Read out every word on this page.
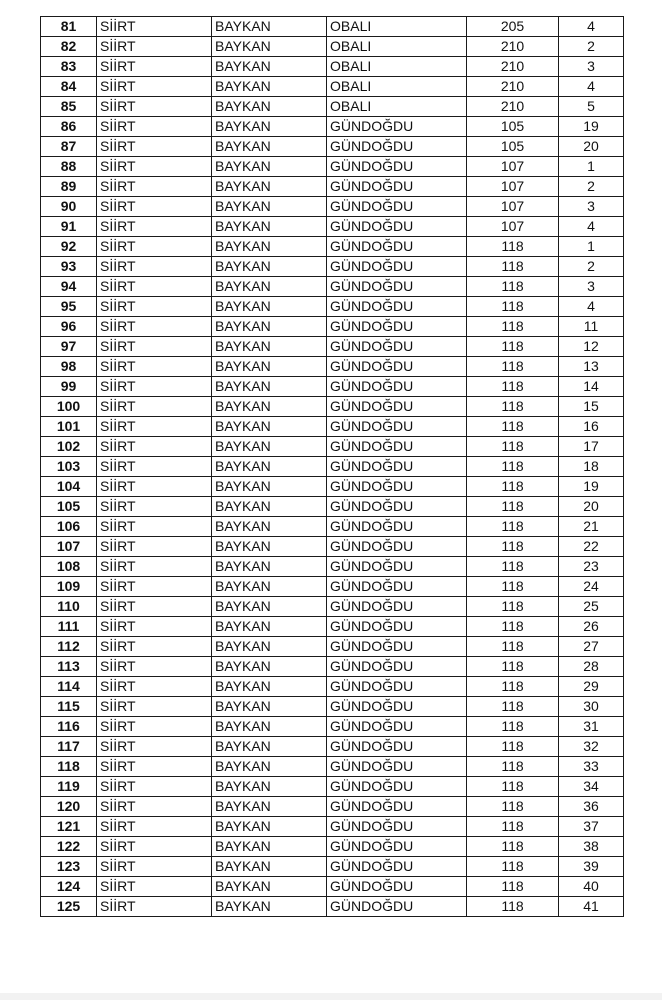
81	SİİRT	BAYKAN	OBALI	205	4
82	SİİRT	BAYKAN	OBALI	210	2
83	SİİRT	BAYKAN	OBALI	210	3
84	SİİRT	BAYKAN	OBALI	210	4
85	SİİRT	BAYKAN	OBALI	210	5
86	SİİRT	BAYKAN	GÜNDOĞDU	105	19
87	SİİRT	BAYKAN	GÜNDOĞDU	105	20
88	SİİRT	BAYKAN	GÜNDOĞDU	107	1
89	SİİRT	BAYKAN	GÜNDOĞDU	107	2
90	SİİRT	BAYKAN	GÜNDOĞDU	107	3
91	SİİRT	BAYKAN	GÜNDOĞDU	107	4
92	SİİRT	BAYKAN	GÜNDOĞDU	118	1
93	SİİRT	BAYKAN	GÜNDOĞDU	118	2
94	SİİRT	BAYKAN	GÜNDOĞDU	118	3
95	SİİRT	BAYKAN	GÜNDOĞDU	118	4
96	SİİRT	BAYKAN	GÜNDOĞDU	118	11
97	SİİRT	BAYKAN	GÜNDOĞDU	118	12
98	SİİRT	BAYKAN	GÜNDOĞDU	118	13
99	SİİRT	BAYKAN	GÜNDOĞDU	118	14
100	SİİRT	BAYKAN	GÜNDOĞDU	118	15
101	SİİRT	BAYKAN	GÜNDOĞDU	118	16
102	SİİRT	BAYKAN	GÜNDOĞDU	118	17
103	SİİRT	BAYKAN	GÜNDOĞDU	118	18
104	SİİRT	BAYKAN	GÜNDOĞDU	118	19
105	SİİRT	BAYKAN	GÜNDOĞDU	118	20
106	SİİRT	BAYKAN	GÜNDOĞDU	118	21
107	SİİRT	BAYKAN	GÜNDOĞDU	118	22
108	SİİRT	BAYKAN	GÜNDOĞDU	118	23
109	SİİRT	BAYKAN	GÜNDOĞDU	118	24
110	SİİRT	BAYKAN	GÜNDOĞDU	118	25
111	SİİRT	BAYKAN	GÜNDOĞDU	118	26
112	SİİRT	BAYKAN	GÜNDOĞDU	118	27
113	SİİRT	BAYKAN	GÜNDOĞDU	118	28
114	SİİRT	BAYKAN	GÜNDOĞDU	118	29
115	SİİRT	BAYKAN	GÜNDOĞDU	118	30
116	SİİRT	BAYKAN	GÜNDOĞDU	118	31
117	SİİRT	BAYKAN	GÜNDOĞDU	118	32
118	SİİRT	BAYKAN	GÜNDOĞDU	118	33
119	SİİRT	BAYKAN	GÜNDOĞDU	118	34
120	SİİRT	BAYKAN	GÜNDOĞDU	118	36
121	SİİRT	BAYKAN	GÜNDOĞDU	118	37
122	SİİRT	BAYKAN	GÜNDOĞDU	118	38
123	SİİRT	BAYKAN	GÜNDOĞDU	118	39
124	SİİRT	BAYKAN	GÜNDOĞDU	118	40
125	SİİRT	BAYKAN	GÜNDOĞDU	118	41
